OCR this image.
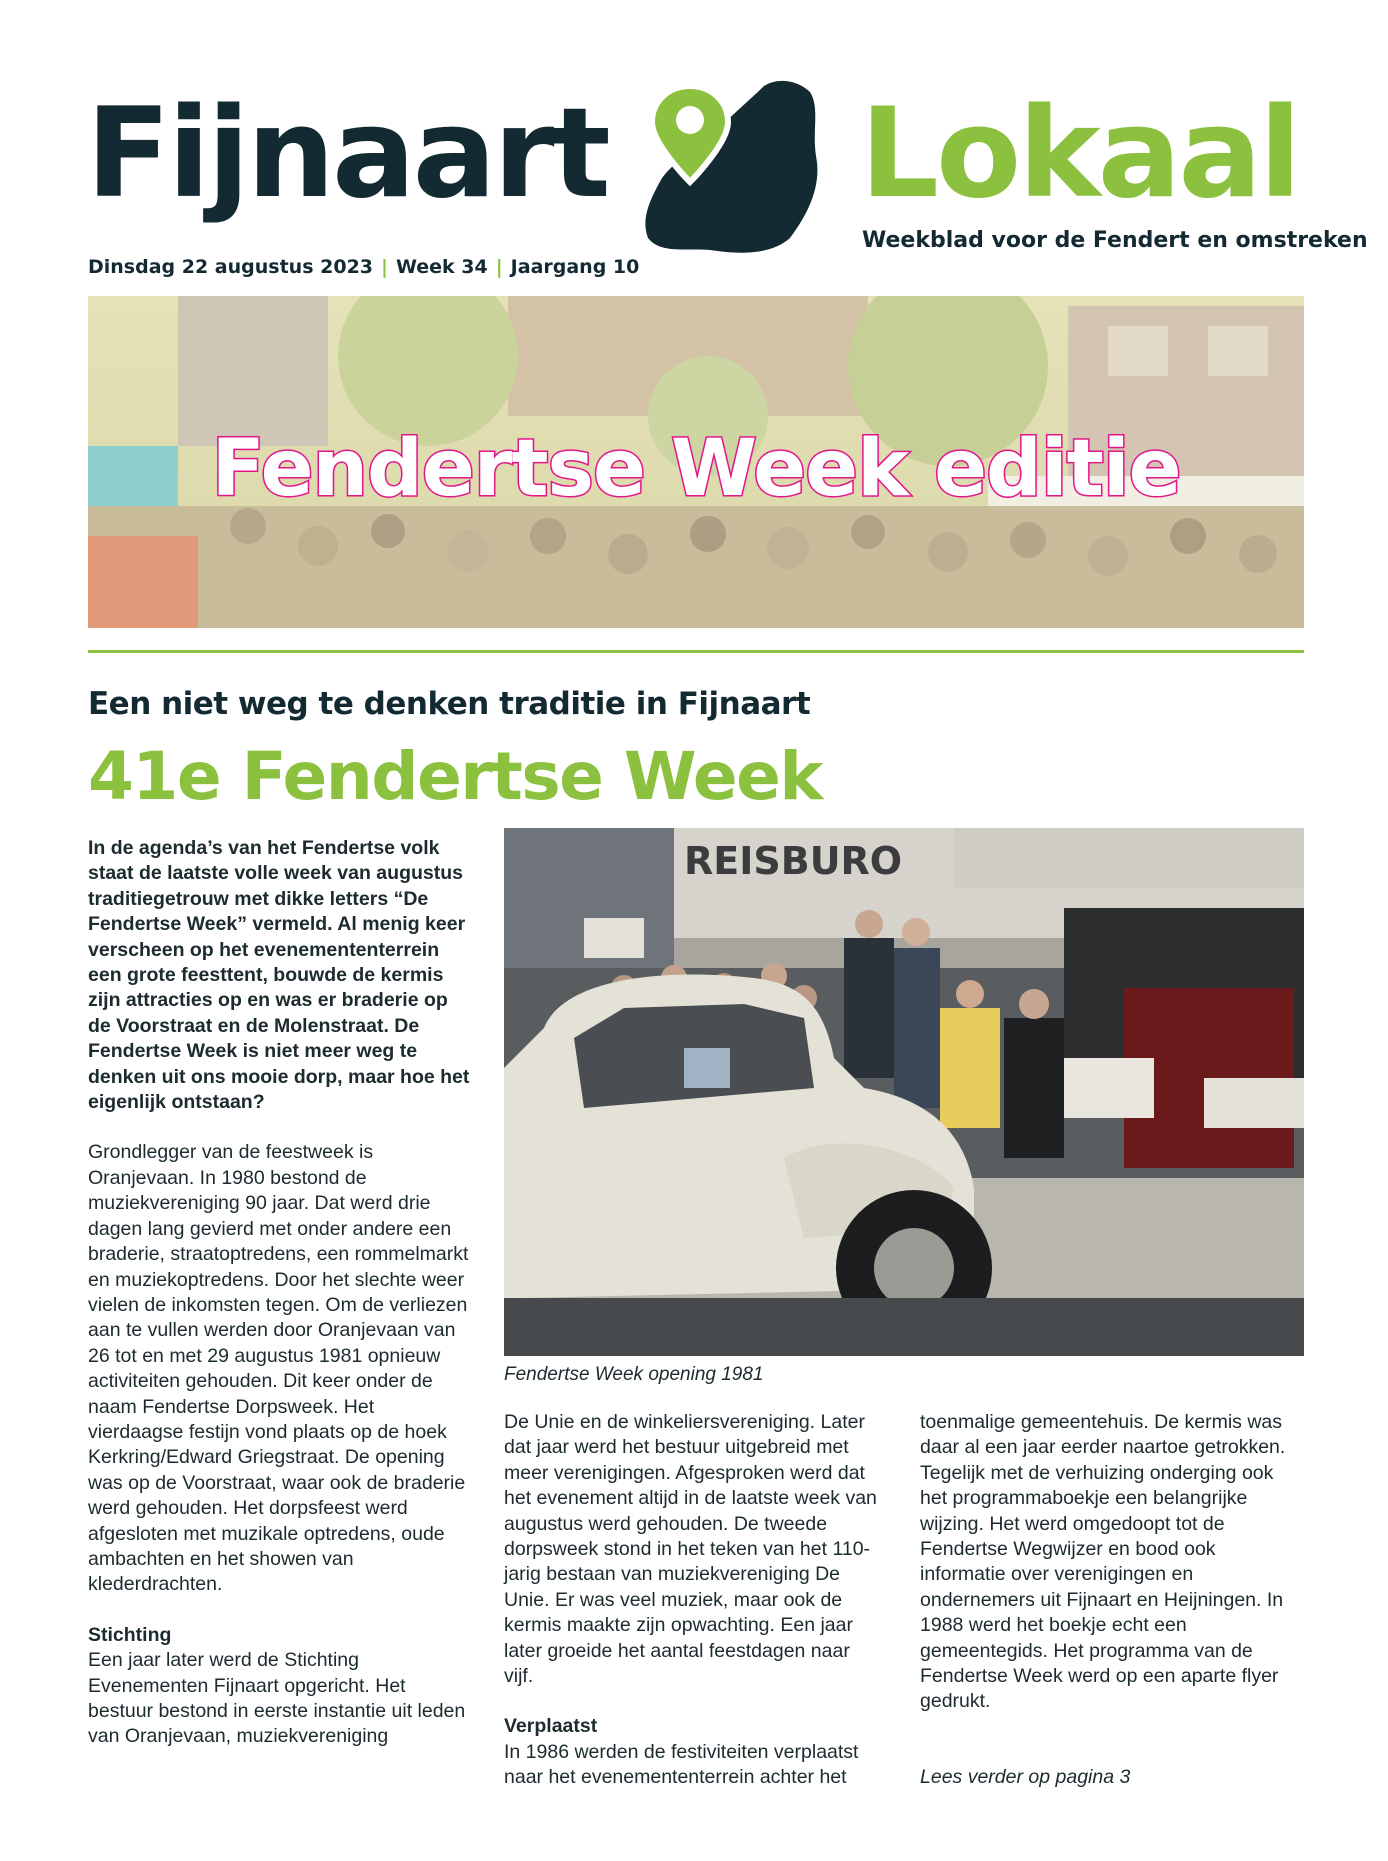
Fijnaart Lokaal
Weekblad voor de Fendert en omstreken
Dinsdag 22 augustus 2023 | Week 34 | Jaargang 10
Fendertse Week editie
Een niet weg te denken traditie in Fijnaart
41e Fendertse Week

In de agenda’s van het Fendertse volk staat de laatste volle week van augustus traditiegetrouw met dikke letters “De Fendertse Week” vermeld. Al menig keer verscheen op het evenemententerrein een grote feesttent, bouwde de kermis zijn attracties op en was er braderie op de Voorstraat en de Molenstraat. De Fendertse Week is niet meer weg te denken uit ons mooie dorp, maar hoe het eigenlijk ontstaan?

Grondlegger van de feestweek is Oranjevaan. In 1980 bestond de muziekvereniging 90 jaar. Dat werd drie dagen lang gevierd met onder andere een braderie, straatoptredens, een rommelmarkt en muziekoptredens. Door het slechte weer vielen de inkomsten tegen. Om de verliezen aan te vullen werden door Oranjevaan van 26 tot en met 29 augustus 1981 opnieuw activiteiten gehouden. Dit keer onder de naam Fendertse Dorpsweek. Het vierdaagse festijn vond plaats op de hoek Kerkring/Edward Griegstraat. De opening was op de Voorstraat, waar ook de braderie werd gehouden. Het dorpsfeest werd afgesloten met muzikale optredens, oude ambachten en het showen van klederdrachten.

Stichting

Een jaar later werd de Stichting Evenementen Fijnaart opgericht. Het bestuur bestond in eerste instantie uit leden van Oranjevaan, muziekvereniging

REISBURO
Fendertse Week opening 1981

De Unie en de winkeliersvereniging. Later dat jaar werd het bestuur uitgebreid met meer verenigingen. Afgesproken werd dat het evenement altijd in de laatste week van augustus werd gehouden. De tweede dorpsweek stond in het teken van het 110-jarig bestaan van muziekvereniging De Unie. Er was veel muziek, maar ook de kermis maakte zijn opwachting. Een jaar later groeide het aantal feestdagen naar vijf.

Verplaatst

In 1986 werden de festiviteiten verplaatst naar het evenemententerrein achter het

toenmalige gemeentehuis. De kermis was daar al een jaar eerder naartoe getrokken. Tegelijk met de verhuizing onderging ook het programmaboekje een belangrijke wijzing. Het werd omgedoopt tot de Fendertse Wegwijzer en bood ook informatie over verenigingen en ondernemers uit Fijnaart en Heijningen. In 1988 werd het boekje echt een gemeentegids. Het programma van de Fendertse Week werd op een aparte flyer gedrukt.

Lees verder op pagina 3
